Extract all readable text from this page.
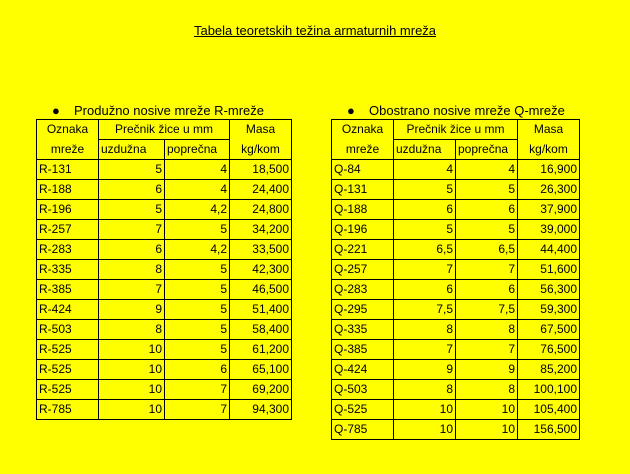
Tabela teoretskih težina armaturnih mreža
● Produžno nosive mreže R-mreže
Oznaka	Prečnik žice u mm		Masa
mreže	uzdužna	poprečna	kg/kom
R-131	5	4	18,500
R-188	6	4	24,400
R-196	5	4,2	24,800
R-257	7	5	34,200
R-283	6	4,2	33,500
R-335	8	5	42,300
R-385	7	5	46,500
R-424	9	5	51,400
R-503	8	5	58,400
R-525	10	5	61,200
R-525	10	6	65,100
R-525	10	7	69,200
R-785	10	7	94,300
● Obostrano nosive mreže Q-mreže
Oznaka	Prečnik žice u mm		Masa
mreže	uzdužna	poprečna	kg/kom
Q-84	4	4	16,900
Q-131	5	5	26,300
Q-188	6	6	37,900
Q-196	5	5	39,000
Q-221	6,5	6,5	44,400
Q-257	7	7	51,600
Q-283	6	6	56,300
Q-295	7,5	7,5	59,300
Q-335	8	8	67,500
Q-385	7	7	76,500
Q-424	9	9	85,200
Q-503	8	8	100,100
Q-525	10	10	105,400
Q-785	10	10	156,500
